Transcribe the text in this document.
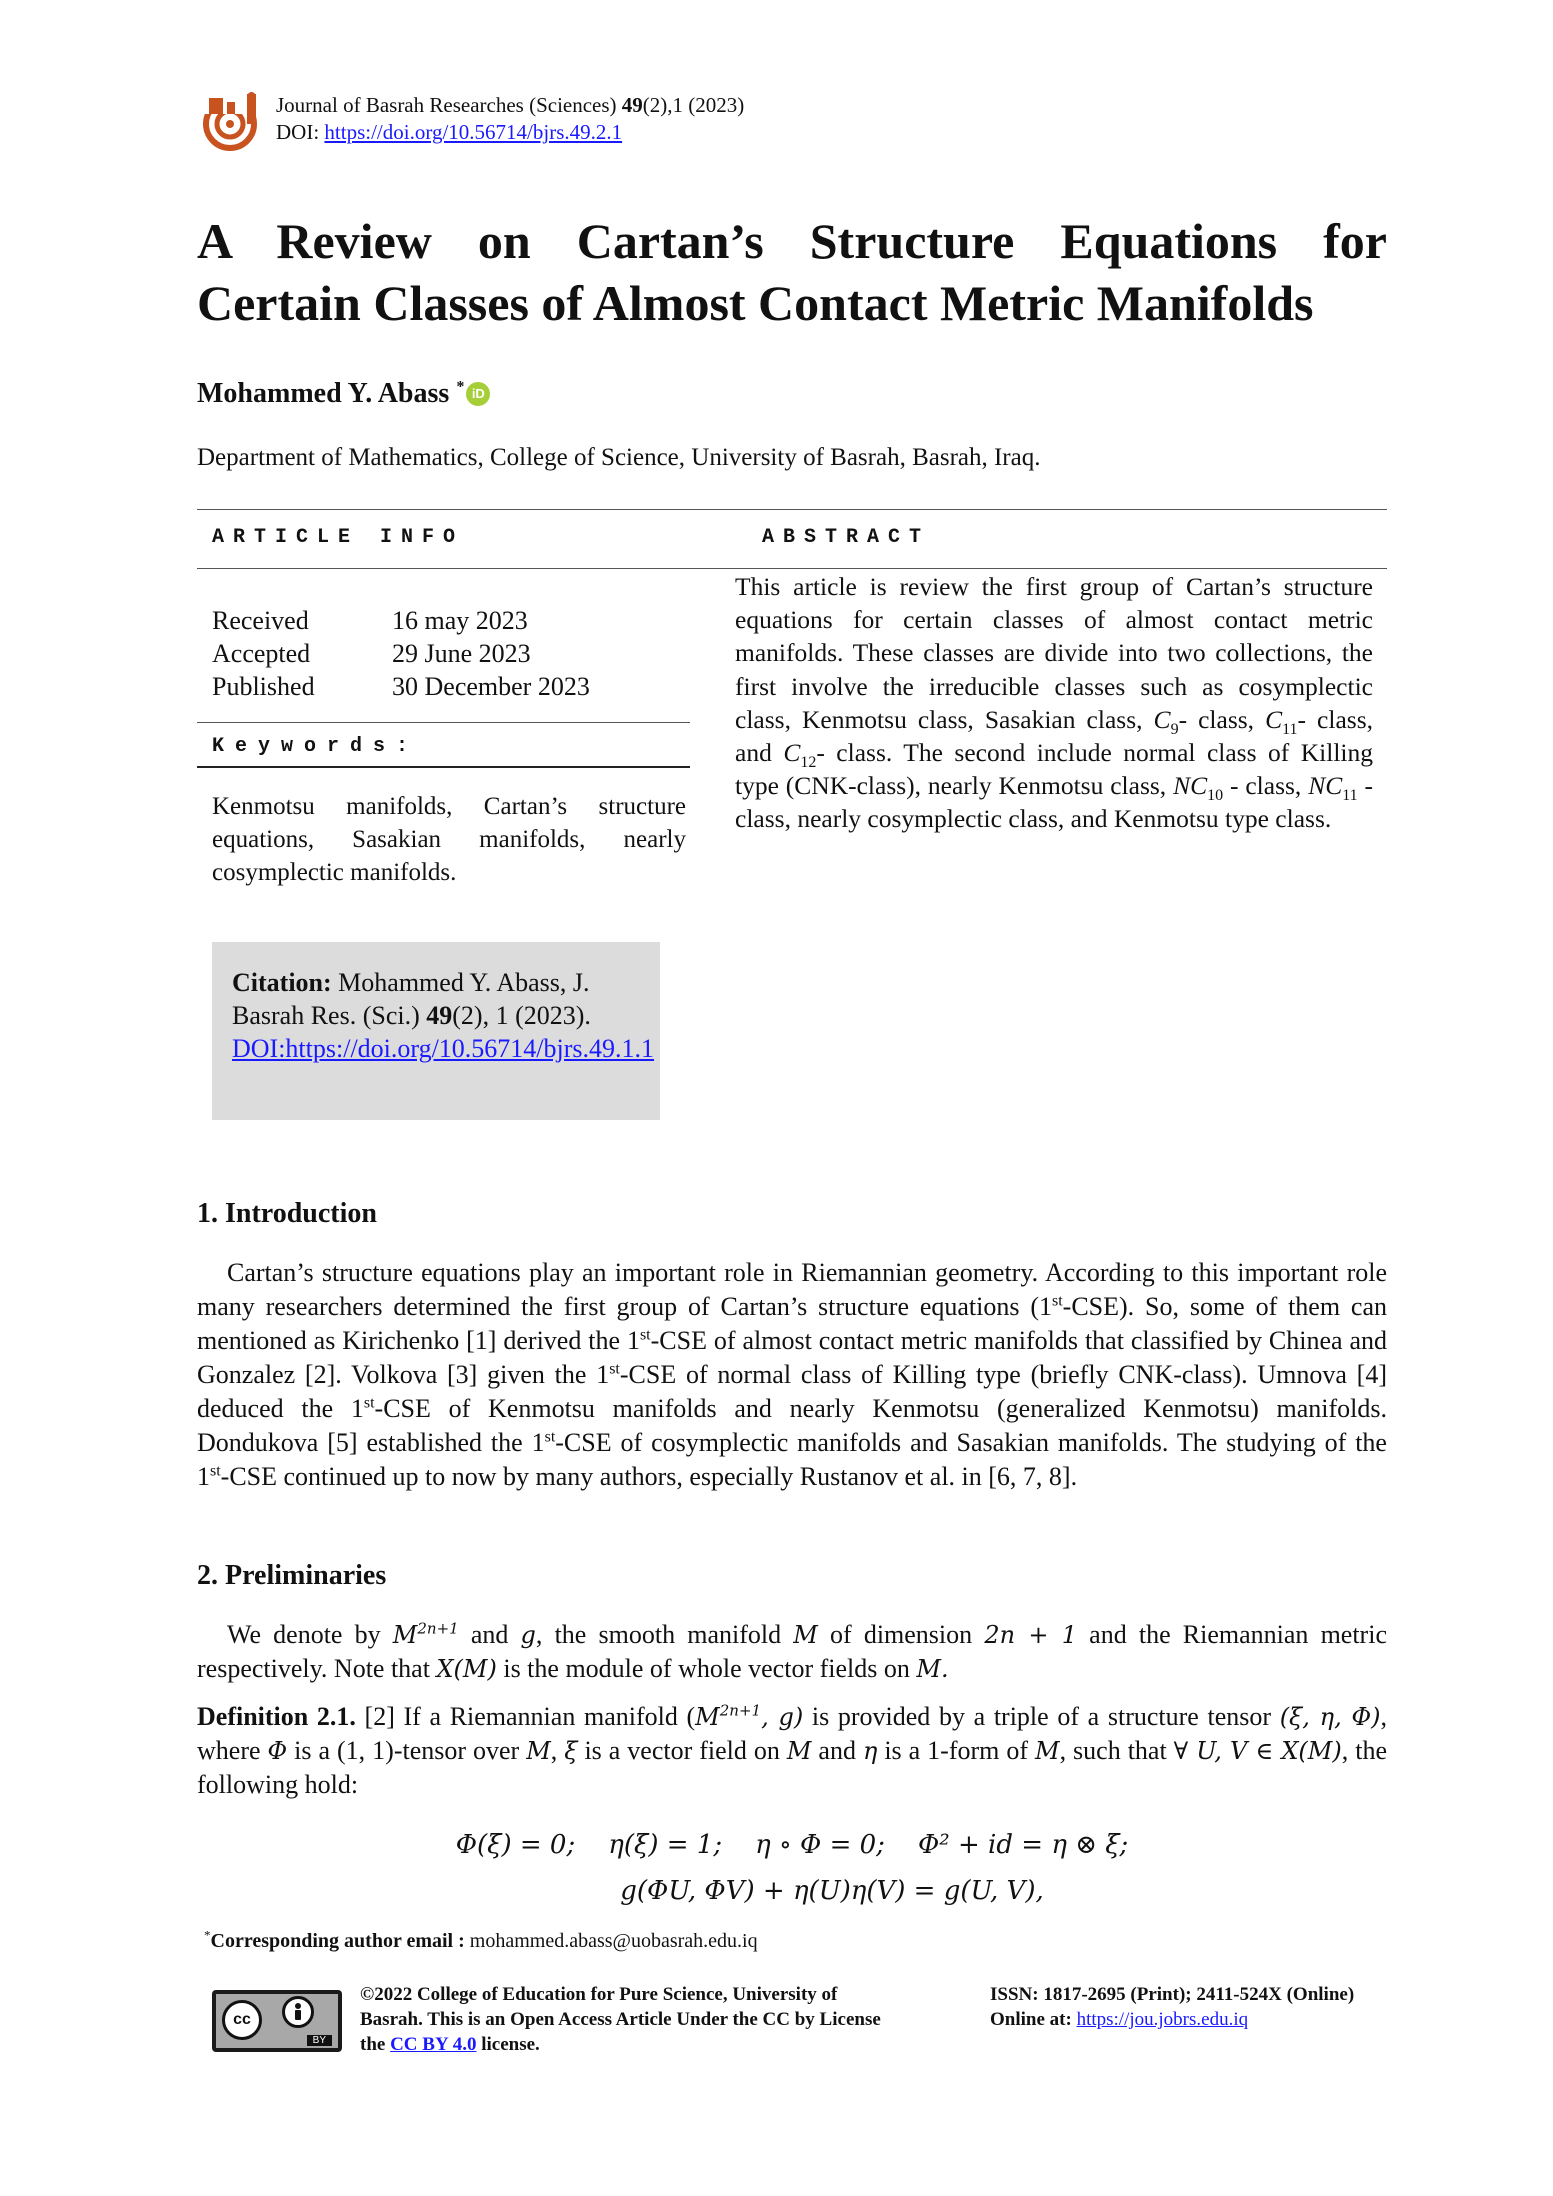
Journal of Basrah Researches (Sciences) 49(2),1 (2023)
DOI: https://doi.org/10.56714/bjrs.49.2.1
A Review on Cartan’s Structure Equations for
Certain Classes of Almost Contact Metric Manifolds
Mohammed Y. Abass * iD
Department of Mathematics, College of Science, University of Basrah, Basrah, Iraq.
ARTICLE INFO	ABSTRACT
Received	16 may 2023
Accepted	29 June 2023
Published	30 December 2023
Keywords:
Kenmotsu manifolds, Cartan’s structure equations, Sasakian manifolds, nearly cosymplectic manifolds.
Citation: Mohammed Y. Abass, J. Basrah Res. (Sci.) 49(2), 1 (2023).
DOI:https://doi.org/10.56714/bjrs.49.1.1
This article is review the first group of Cartan’s structure equations for certain classes of almost contact metric manifolds. These classes are divide into two collections, the first involve the irreducible classes such as cosymplectic class, Kenmotsu class, Sasakian class, $C_9-$ class, $C_{11}-$ class, and $C_{12}-$ class. The second include normal class of Killing type (CNK-class), nearly Kenmotsu class, $NC_{10}$ - class, $NC_{11}$ - class, nearly cosymplectic class, and Kenmotsu type class.
1. Introduction
Cartan’s structure equations play an important role in Riemannian geometry. According to this important role many researchers determined the first group of Cartan’s structure equations (1st-CSE). So, some of them can mentioned as Kirichenko [1] derived the 1st-CSE of almost contact metric manifolds that classified by Chinea and Gonzalez [2]. Volkova [3] given the 1st-CSE of normal class of Killing type (briefly CNK-class). Umnova [4] deduced the 1st-CSE of Kenmotsu manifolds and nearly Kenmotsu (generalized Kenmotsu) manifolds. Dondukova [5] established the 1st-CSE of cosymplectic manifolds and Sasakian manifolds. The studying of the 1st-CSE continued up to now by many authors, especially Rustanov et al. in [6, 7, 8].
2. Preliminaries
We denote by $M^{2n+1}$ and g, the smooth manifold M of dimension 2n + 1 and the Riemannian metric respectively. Note that X(M) is the module of whole vector fields on M.
Definition 2.1. [2] If a Riemannian manifold ($M^{2n+1}$, g) is provided by a triple of a structure tensor (ξ, η, Φ), where Φ is a (1, 1)-tensor over M, ξ is a vector field on M and η is a 1-form of M, such that ∀ U, V ∈ X(M), the following hold:
Φ(ξ) = 0;    η(ξ) = 1;    η ∘ Φ = 0;    Φ² + id = η ⊗ ξ;
g(ΦU, ΦV) + η(U)η(V) = g(U, V),
*Corresponding author email : mohammed.abass@uobasrah.edu.iq
cc
BY
©2022 College of Education for Pure Science, University of Basrah. This is an Open Access Article Under the CC by License the CC BY 4.0 license.
ISSN: 1817-2695 (Print); 2411-524X (Online)
Online at: https://jou.jobrs.edu.iq
